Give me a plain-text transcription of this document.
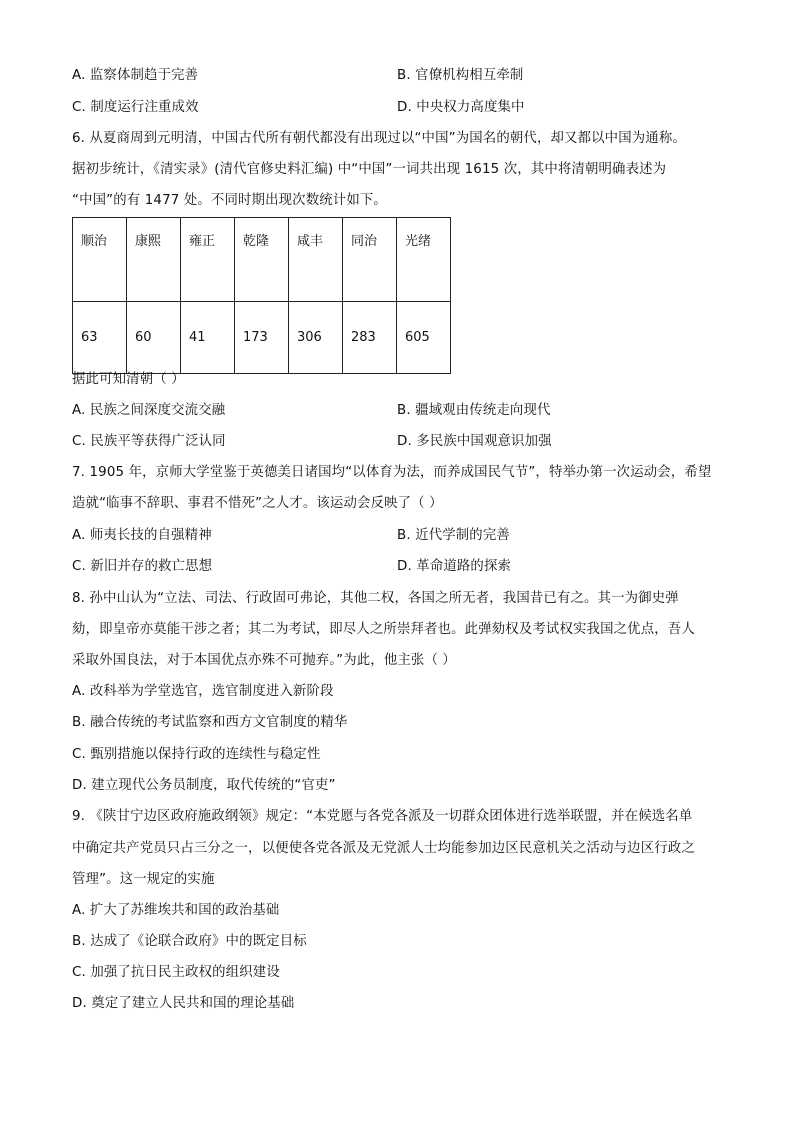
A. 监察体制趋于完善	B. 官僚机构相互牵制
C. 制度运行注重成效	D. 中央权力高度集中
6. 从夏商周到元明清，中国古代所有朝代都没有出现过以“中国”为国名的朝代，却又都以中国为通称。
据初步统计，《清实录》(清代官修史料汇编) 中“中国”一词共出现 1615 次，其中将清朝明确表述为
“中国”的有 1477 处。不同时期出现次数统计如下。
顺治	康熙	雍正	乾隆	咸丰	同治	光绪
63	60	41	173	306	283	605
据此可知清朝（ ）
A. 民族之间深度交流交融	B. 疆域观由传统走向现代
C. 民族平等获得广泛认同	D. 多民族中国观意识加强
7. 1905 年，京师大学堂鉴于英德美日诸国均“以体育为法，而养成国民气节”，特举办第一次运动会，希望
造就“临事不辞职、事君不惜死”之人才。该运动会反映了（ ）
A. 师夷长技的自强精神	B. 近代学制的完善
C. 新旧并存的救亡思想	D. 革命道路的探索
8. 孙中山认为“立法、司法、行政固可弗论，其他二权，各国之所无者，我国昔已有之。其一为御史弹
劾，即皇帝亦莫能干涉之者；其二为考试，即尽人之所崇拜者也。此弹劾权及考试权实我国之优点，吾人
采取外国良法，对于本国优点亦殊不可抛弃。”为此，他主张（ ）
A. 改科举为学堂选官，选官制度进入新阶段
B. 融合传统的考试监察和西方文官制度的精华
C. 甄别措施以保持行政的连续性与稳定性
D. 建立现代公务员制度，取代传统的“官吏”
9. 《陕甘宁边区政府施政纲领》规定：“本党愿与各党各派及一切群众团体进行选举联盟，并在候选名单
中确定共产党员只占三分之一，以便使各党各派及无党派人士均能参加边区民意机关之活动与边区行政之
管理”。这一规定的实施
A. 扩大了苏维埃共和国的政治基础
B. 达成了《论联合政府》中的既定目标
C. 加强了抗日民主政权的组织建设
D. 奠定了建立人民共和国的理论基础
